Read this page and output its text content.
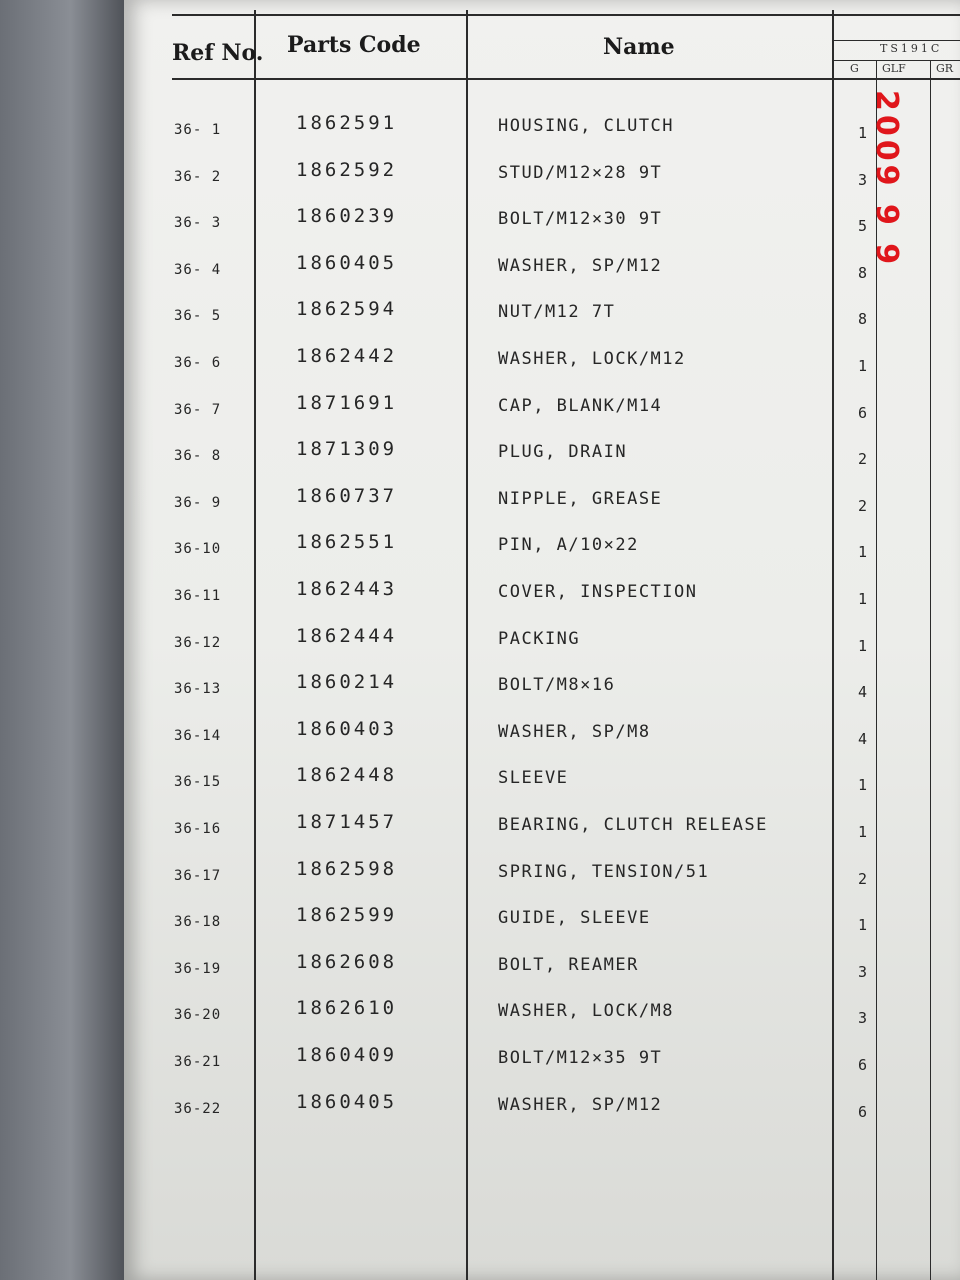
Ref No. Parts Code	Name	TS191C
G GLF	GR
36- 1	1862591	HOUSING, CLUTCH	1
36- 2	1862592	STUD/M12×28 9T	3
36- 3	1860239	BOLT/M12×30 9T	5
36- 4	1860405	WASHER, SP/M12	8
36- 5	1862594	NUT/M12 7T	8
36- 6	1862442	WASHER, LOCK/M12	1
36- 7	1871691	CAP, BLANK/M14	6
36- 8	1871309	PLUG, DRAIN	2
36- 9	1860737	NIPPLE, GREASE	2
36-10	1862551	PIN, A/10×22	1
36-11	1862443	COVER, INSPECTION	1
36-12	1862444	PACKING	1
36-13	1860214	BOLT/M8×16	4
36-14	1860403	WASHER, SP/M8	4
36-15	1862448	SLEEVE	1
36-16	1871457	BEARING, CLUTCH RELEASE	1
36-17	1862598	SPRING, TENSION/51	2
36-18	1862599	GUIDE, SLEEVE	1
36-19	1862608	BOLT, REAMER	3
36-20	1862610	WASHER, LOCK/M8	3
36-21	1860409	BOLT/M12×35 9T	6
36-22	1860405	WASHER, SP/M12	6
2009 9 9
